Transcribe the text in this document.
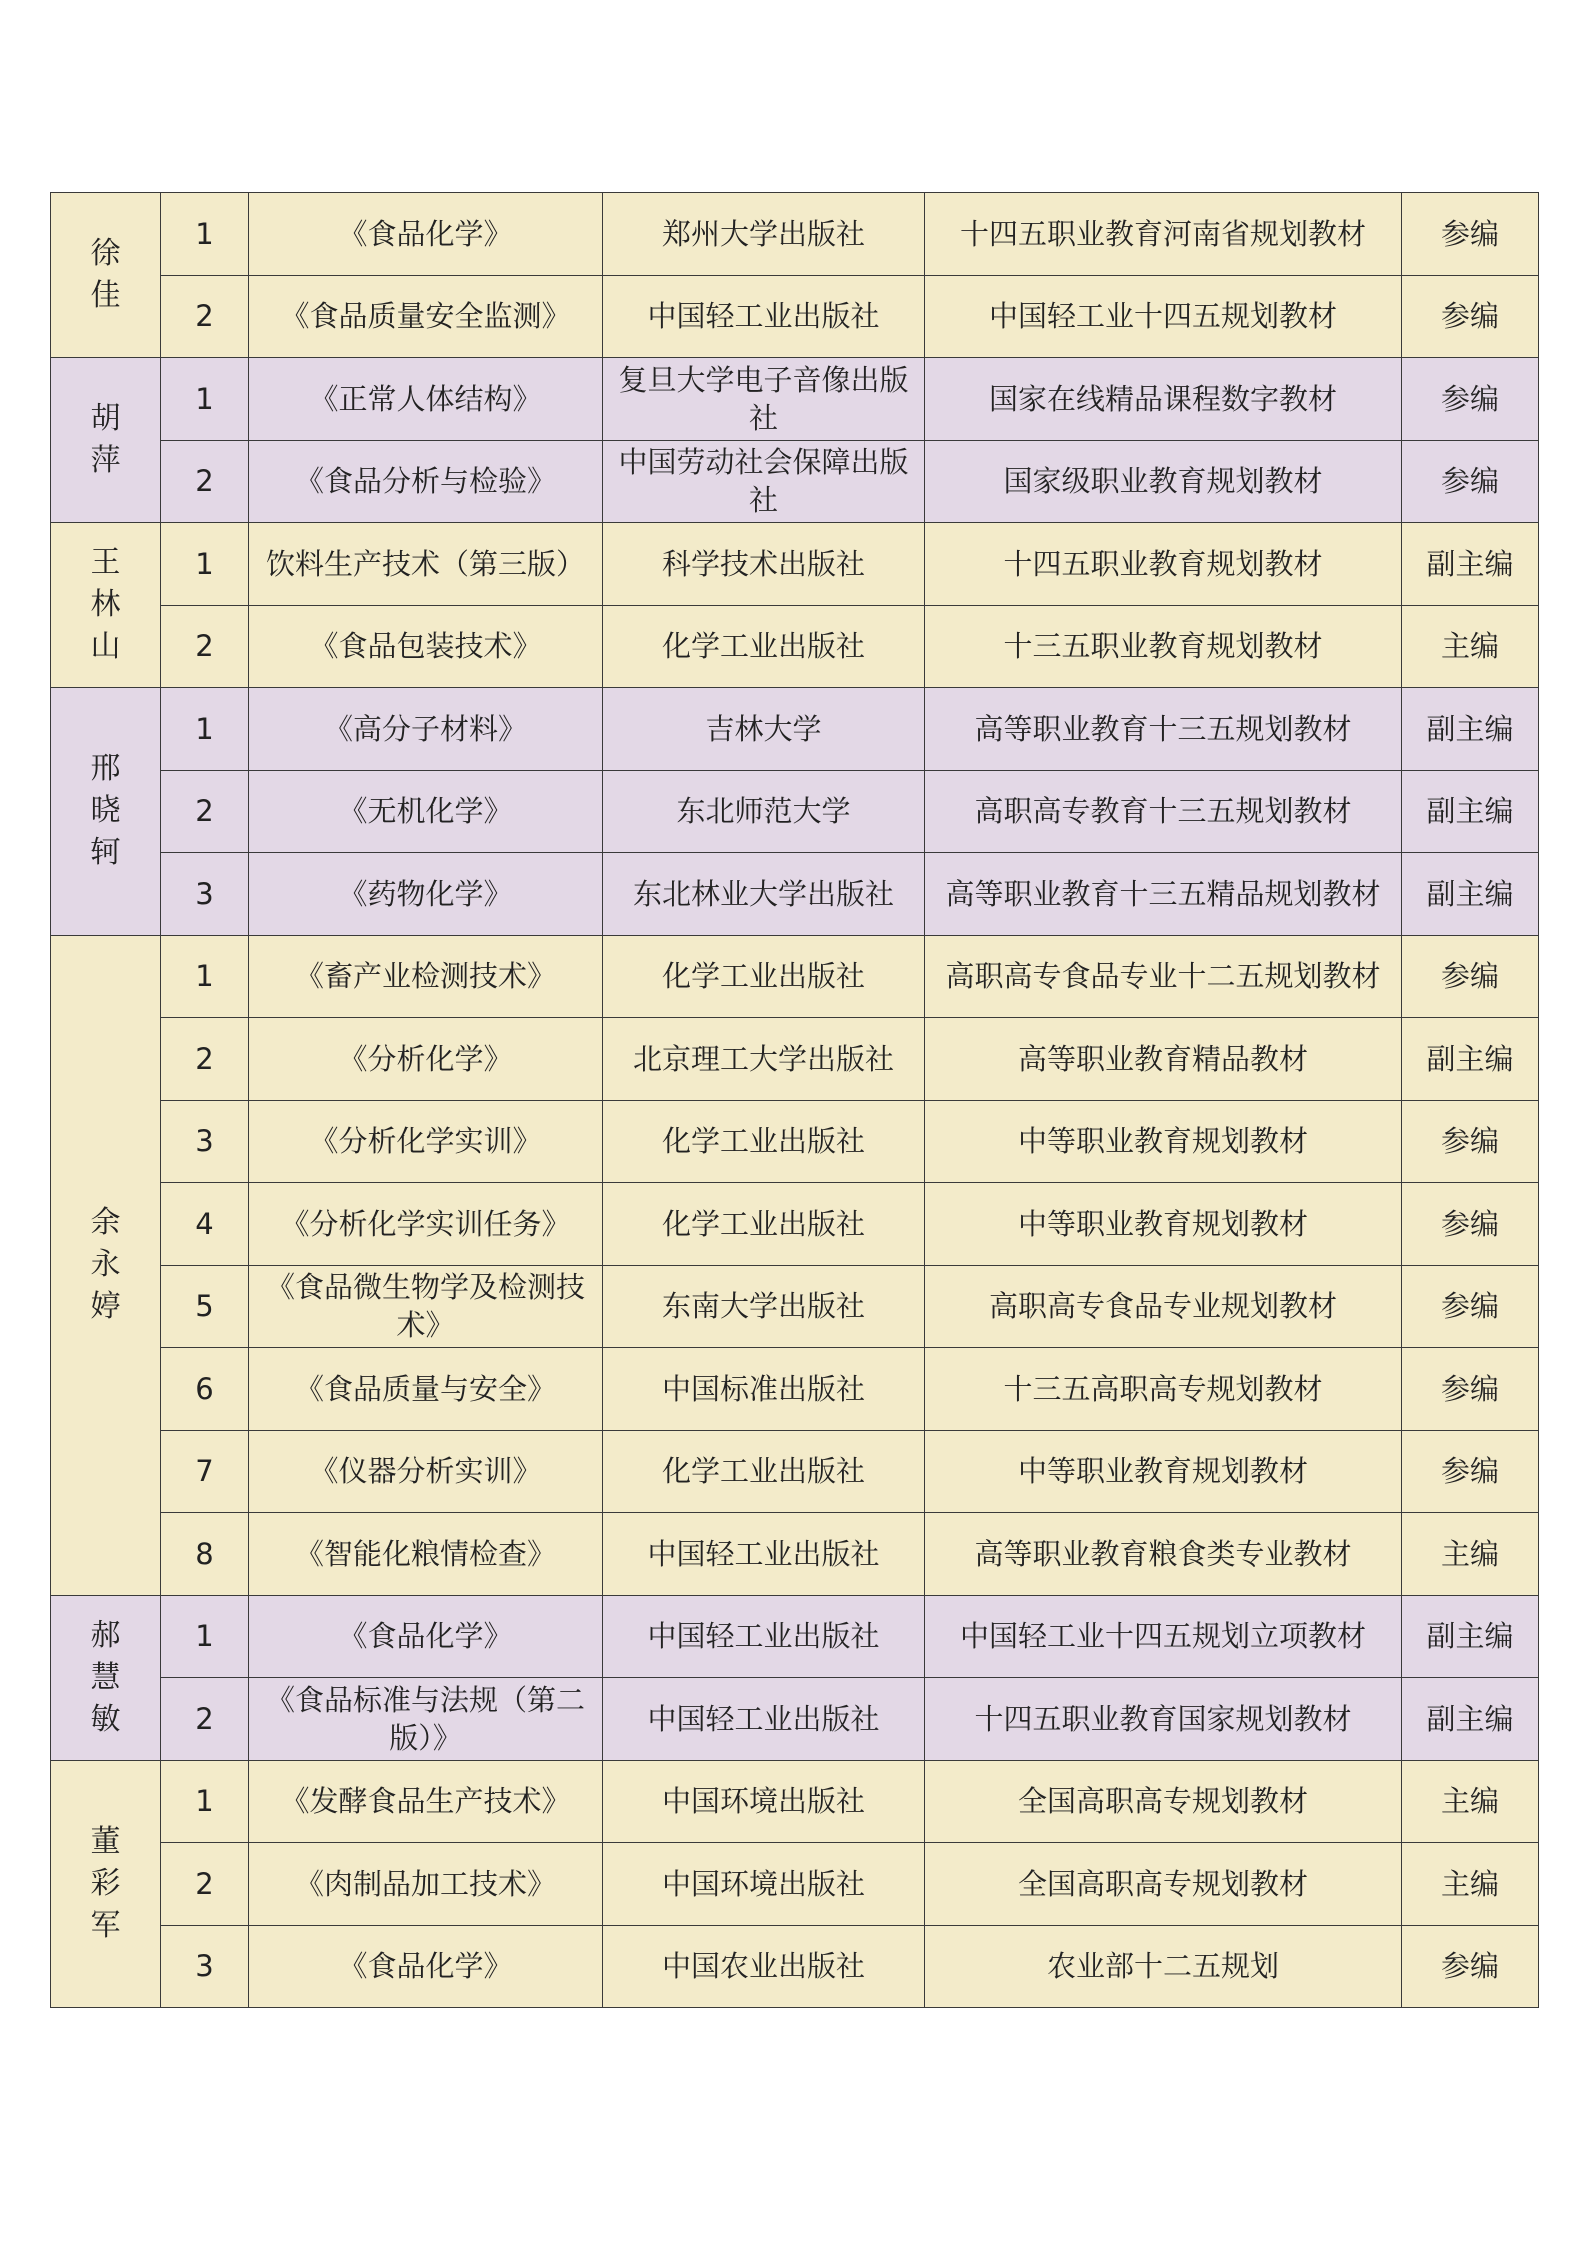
徐佳	1	《食品化学》	郑州大学出版社	十四五职业教育河南省规划教材	参编
	2	《食品质量安全监测》	中国轻工业出版社	中国轻工业十四五规划教材	参编
胡萍	1	《正常人体结构》	复旦大学电子音像出版社	国家在线精品课程数字教材	参编
	2	《食品分析与检验》	中国劳动社会保障出版社	国家级职业教育规划教材	参编
王林山	1	饮料生产技术（第三版）	科学技术出版社	十四五职业教育规划教材	副主编
	2	《食品包装技术》	化学工业出版社	十三五职业教育规划教材	主编
邢晓轲	1	《高分子材料》	吉林大学	高等职业教育十三五规划教材	副主编
	2	《无机化学》	东北师范大学	高职高专教育十三五规划教材	副主编
	3	《药物化学》	东北林业大学出版社	高等职业教育十三五精品规划教材	副主编
余永婷	1	《畜产业检测技术》	化学工业出版社	高职高专食品专业十二五规划教材	参编
	2	《分析化学》	北京理工大学出版社	高等职业教育精品教材	副主编
	3	《分析化学实训》	化学工业出版社	中等职业教育规划教材	参编
	4	《分析化学实训任务》	化学工业出版社	中等职业教育规划教材	参编
	5	《食品微生物学及检测技术》	东南大学出版社	高职高专食品专业规划教材	参编
	6	《食品质量与安全》	中国标准出版社	十三五高职高专规划教材	参编
	7	《仪器分析实训》	化学工业出版社	中等职业教育规划教材	参编
	8	《智能化粮情检查》	中国轻工业出版社	高等职业教育粮食类专业教材	主编
郝慧敏	1	《食品化学》	中国轻工业出版社	中国轻工业十四五规划立项教材	副主编
	2	《食品标准与法规（第二版）》	中国轻工业出版社	十四五职业教育国家规划教材	副主编
董彩军	1	《发酵食品生产技术》	中国环境出版社	全国高职高专规划教材	主编
	2	《肉制品加工技术》	中国环境出版社	全国高职高专规划教材	主编
	3	《食品化学》	中国农业出版社	农业部十二五规划	参编
